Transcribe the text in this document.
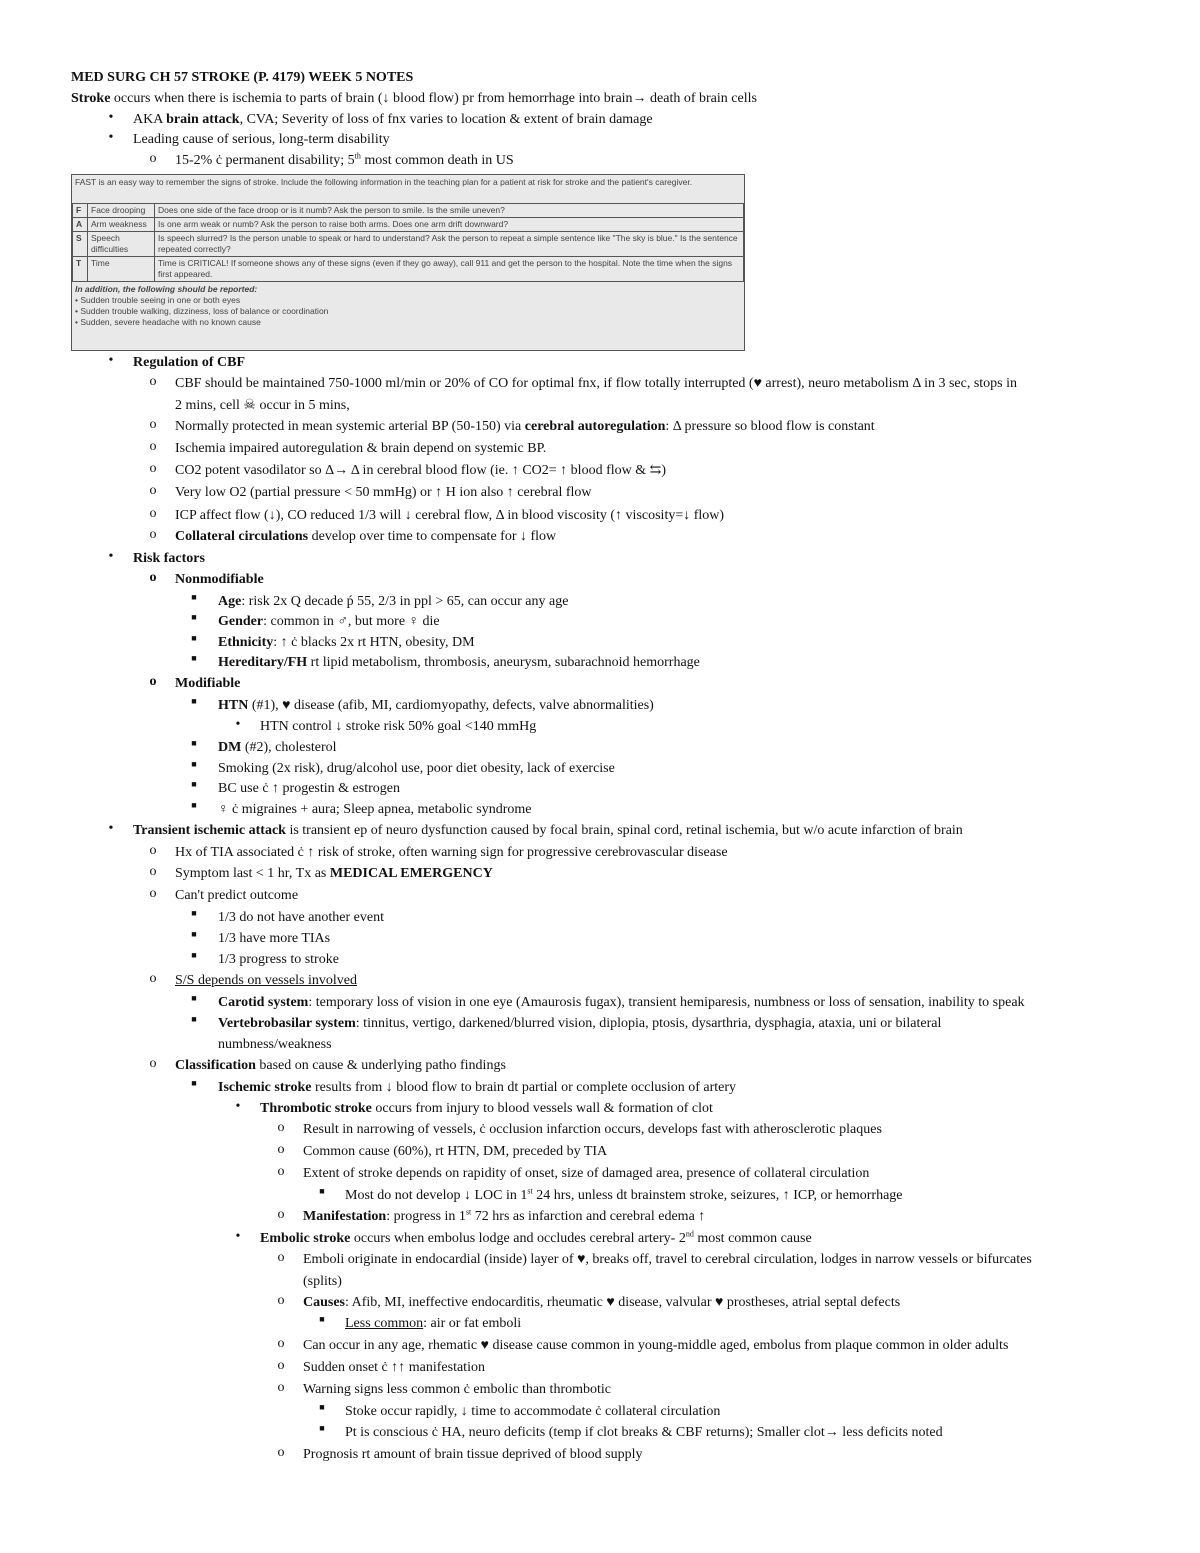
MED SURG CH 57 STROKE (P. 4179) WEEK 5 NOTES
Stroke occurs when there is ischemia to parts of brain (↓ blood flow) pr from hemorrhage into brain→ death of brain cells
•	AKA brain attack, CVA; Severity of loss of fnx varies to location & extent of brain damage
•	Leading cause of serious, long-term disability
o 15-2% ċ permanent disability; 5th most common death in US
FAST is an easy way to remember the signs of stroke. Include the following information in the teaching plan for a patient at risk for stroke and the patient's caregiver.
F	Face drooping	Does one side of the face droop or is it numb? Ask the person to smile. Is the smile uneven?
A	Arm weakness	Is one arm weak or numb? Ask the person to raise both arms. Does one arm drift downward?
S	Speech difficulties	Is speech slurred? Is the person unable to speak or hard to understand? Ask the person to repeat a simple sentence like "The sky is blue." Is the sentence repeated correctly?
T	Time	Time is CRITICAL! If someone shows any of these signs (even if they go away), call 911 and get the person to the hospital. Note the time when the signs first appeared.
In addition, the following should be reported:
• Sudden trouble seeing in one or both eyes
• Sudden trouble walking, dizziness, loss of balance or coordination
• Sudden, severe headache with no known cause
•	Regulation of CBF
o CBF should be maintained 750-1000 ml/min or 20% of CO for optimal fnx, if flow totally interrupted (♥ arrest), neuro metabolism Δ in 3 sec, stops in
2 mins, cell ☠ occur in 5 mins,
o Normally protected in mean systemic arterial BP (50-150) via cerebral autoregulation: Δ pressure so blood flow is constant
o Ischemia impaired autoregulation & brain depend on systemic BP.
o CO2 potent vasodilator so Δ→ Δ in cerebral blood flow (ie. ↑ CO2= ↑ blood flow & ⇆)
o Very low O2 (partial pressure < 50 mmHg) or ↑ H ion also ↑ cerebral flow
o ICP affect flow (↓), CO reduced 1/3 will ↓ cerebral flow, Δ in blood viscosity (↑ viscosity=↓ flow)
o Collateral circulations develop over time to compensate for ↓ flow
•	Risk factors
o Nonmodifiable
■	Age: risk 2x Q decade ṕ 55, 2/3 in ppl > 65, can occur any age
■	Gender: common in ♂, but more ♀ die
■	Ethnicity: ↑ ċ blacks 2x rt HTN, obesity, DM
■	Hereditary/FH rt lipid metabolism, thrombosis, aneurysm, subarachnoid hemorrhage
o Modifiable
■	HTN (#1), ♥ disease (afib, MI, cardiomyopathy, defects, valve abnormalities)
•	HTN control ↓ stroke risk 50% goal <140 mmHg
■	DM (#2), cholesterol
■	Smoking (2x risk), drug/alcohol use, poor diet obesity, lack of exercise
■	BC use ċ ↑ progestin & estrogen
■	♀ ċ migraines + aura; Sleep apnea, metabolic syndrome
•	Transient ischemic attack is transient ep of neuro dysfunction caused by focal brain, spinal cord, retinal ischemia, but w/o acute infarction of brain
o Hx of TIA associated ċ ↑ risk of stroke, often warning sign for progressive cerebrovascular disease
o Symptom last < 1 hr, Tx as MEDICAL EMERGENCY
o Can't predict outcome
■	1/3 do not have another event
■	1/3 have more TIAs
■	1/3 progress to stroke
o S/S depends on vessels involved
■	Carotid system: temporary loss of vision in one eye (Amaurosis fugax), transient hemiparesis, numbness or loss of sensation, inability to speak
■	Vertebrobasilar system: tinnitus, vertigo, darkened/blurred vision, diplopia, ptosis, dysarthria, dysphagia, ataxia, uni or bilateral
numbness/weakness
o Classification based on cause & underlying patho findings
■	Ischemic stroke results from ↓ blood flow to brain dt partial or complete occlusion of artery
•	Thrombotic stroke occurs from injury to blood vessels wall & formation of clot
o Result in narrowing of vessels, ċ occlusion infarction occurs, develops fast with atherosclerotic plaques
o Common cause (60%), rt HTN, DM, preceded by TIA
o Extent of stroke depends on rapidity of onset, size of damaged area, presence of collateral circulation
■	Most do not develop ↓ LOC in 1st 24 hrs, unless dt brainstem stroke, seizures, ↑ ICP, or hemorrhage
o Manifestation: progress in 1st 72 hrs as infarction and cerebral edema ↑
•	Embolic stroke occurs when embolus lodge and occludes cerebral artery- 2nd most common cause
o Emboli originate in endocardial (inside) layer of ♥, breaks off, travel to cerebral circulation, lodges in narrow vessels or bifurcates
(splits)
o Causes: Afib, MI, ineffective endocarditis, rheumatic ♥ disease, valvular ♥ prostheses, atrial septal defects
■	Less common: air or fat emboli
o Can occur in any age, rhematic ♥ disease cause common in young-middle aged, embolus from plaque common in older adults
o Sudden onset ċ ↑↑ manifestation
o Warning signs less common ċ embolic than thrombotic
■	Stoke occur rapidly, ↓ time to accommodate ċ collateral circulation
■	Pt is conscious ċ HA, neuro deficits (temp if clot breaks & CBF returns); Smaller clot→ less deficits noted
o Prognosis rt amount of brain tissue deprived of blood supply
